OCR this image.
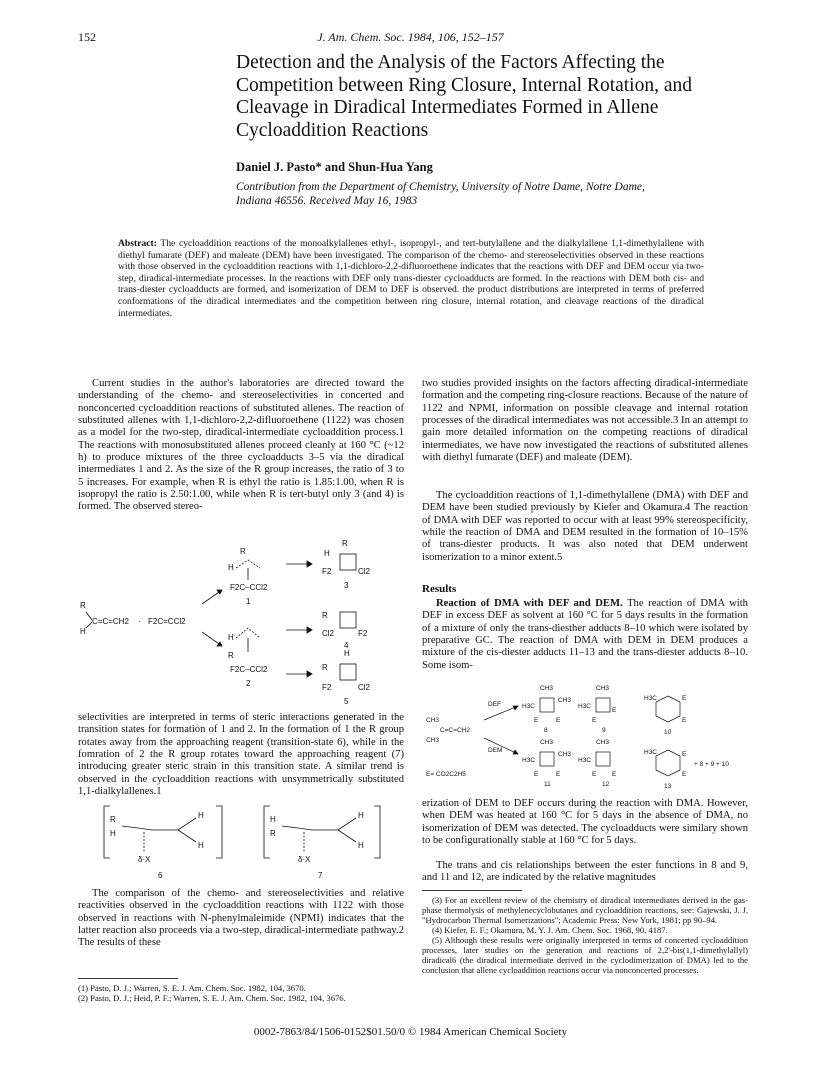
152	J. Am. Chem. Soc. 1984, 106, 152–157
Detection and the Analysis of the Factors Affecting the Competition between Ring Closure, Internal Rotation, and Cleavage in Diradical Intermediates Formed in Allene Cycloaddition Reactions
Daniel J. Pasto* and Shun-Hua Yang
Contribution from the Department of Chemistry, University of Notre Dame, Notre Dame, Indiana 46556. Received May 16, 1983
Abstract: The cycloaddition reactions of the monoalkylallenes ethyl-, isopropyl-, and tert-butylallene and the dialkylallene 1,1-dimethylallene with diethyl fumarate (DEF) and maleate (DEM) have been investigated. The comparison of the chemo- and stereoselectivities observed in these reactions with those observed in the cycloaddition reactions with 1,1-dichloro-2,2-difluoroethene indicates that the reactions with DEF and DEM occur via two-step, diradical-intermediate processes. In the reactions with DEF only trans-diester cycloadducts are formed. In the reactions with DEM both cis- and trans-diester cycloadducts are formed, and isomerization of DEM to DEF is observed. the product distributions are interpreted in terms of preferred conformations of the diradical intermediates and the competition between ring closure, internal rotation, and cleavage reactions of the diradical intermediates.
Current studies in the author's laboratories are directed toward the understanding of the chemo- and stereoselectivities in concerted and nonconcerted cycloaddition reactions of substituted allenes. The reaction of substituted allenes with 1,1-dichloro-2,2-difluoroethene (1122) was chosen as a model for the two-step, diradical-intermediate cycloaddition process.1 The reactions with monosubstituted allenes proceed cleanly at 160 °C (~12 h) to produce mixtures of the three cycloadducts 3–5 via the diradical intermediates 1 and 2. As the size of the R group increases, the ratio of 3 to 5 increases. For example, when R is ethyl the ratio is 1.85:1.00, when R is isopropyl the ratio is 2.50:1.00, while when R is tert-butyl only 3 (and 4) is formed. The observed stereo-
R
H
C=C=CH2 · F2C=CCl2
R
H
F2C–CCl2
1
H
R
F2C–CCl2
2
H
R
F2	Cl2
3
R
Cl2	F2
4
R
H
F2	Cl2
5
selectivities are interpreted in terms of steric interactions generated in the transition states for formation of 1 and 2. In the formation of 1 the R group rotates away from the approaching reagent (transition-state 6), while in the fomration of 2 the R group rotates toward the approaching reagent (7) introducing greater steric strain in this transition state. A similar trend is observed in the cycloaddition reactions with unsymmetrically substituted 1,1-dialkylallenes.1
R
H
δ·X
H
H
6
H
R
δ·X
H
H
7
The comparison of the chemo- and stereoselectivities and relative reactivities observed in the cycloaddition reactions with 1122 with those observed in reactions with N-phenylmaleimide (NPMI) indicates that the latter reaction also proceeds via a two-step, diradical-intermediate pathway.2 The results of these
(1) Pasto, D. J.; Warren, S. E. J. Am. Chem. Soc. 1982, 104, 3670.
(2) Pasto, D. J.; Heid, P. F.; Warren, S. E. J. Am. Chem. Soc. 1982, 104, 3676.
two studies provided insights on the factors affecting diradical-intermediate formation and the competing ring-closure reactions. Because of the nature of 1122 and NPMI, information on possible cleavage and internal rotation processes of the diradical intermediates was not accessible.3 In an attempt to gain more detailed information on the competing reactions of diradical intermediates, we have now investigated the reactions of substituted allenes with diethyl fumarate (DEF) and maleate (DEM).
The cycloaddition reactions of 1,1-dimethylallene (DMA) with DEF and DEM have been studied previously by Kiefer and Okamura.4 The reaction of DMA with DEF was reported to occur with at least 99% stereospecificity, while the reaction of DMA and DEM resulted in the formation of 10–15% of trans-diester products. It was also noted that DEM underwent isomerization to a minor extent.5
Results
Reaction of DMA with DEF and DEM. The reaction of DMA with DEF in excess DEF as solvent at 160 °C for 5 days results in the formation of a mixture of only the trans-diesther adducts 8–10 which were isolated by preparative GC. The reaction of DMA with DEM in DEM produces a mixture of the cis-diester adducts 11–13 and the trans-diester adducts 8–10. Some isom-
CH3
CH3
C=C=CH2
DEF
DEM
CH3
H3C
CH3
E	E
8
CH3
H3C
E
E
9
H3C	E
E
10
CH3
H3C
CH3
E	E
11
CH3
H3C
E E
12
H3C	E
E
13
+ 8 + 9 + 10
E= CO2C2H5
erization of DEM to DEF occurs during the reaction with DMA. However, when DEM was heated at 160 °C for 5 days in the absence of DMA, no isomerization of DEM was detected. The cycloadducts were similary shown to be configurationally stable at 160 °C for 5 days.
The trans and cis relationships between the ester functions in 8 and 9, and 11 and 12, are indicated by the relative magnitudes
(3) For an excellent review of the chemistry of diradical intermediates derived in the gas-phase thermolysis of methylenecyclobutanes and cycloaddition reactions, see: Gajewski, J. J. "Hydrocarbon Thermal Isomerizations"; Academic Press: New York, 1981; pp 90–94.
(4) Kiefer, E. F.; Okamura, M. Y. J. Am. Chem. Soc. 1968, 90, 4187.
(5) Although these results were originally interpreted in terms of concerted cycloaddition processes, later studies on the generation and reactions of 2,2'-bis(1,1-dimethylallyl) diradical6 (the diradical intermediate derived in the cyclodimerization of DMA) led to the conclusion that allene cycloaddition reactions occur via nonconcerted processes.
0002-7863/84/1506-0152$01.50/0 © 1984 American Chemical Society
